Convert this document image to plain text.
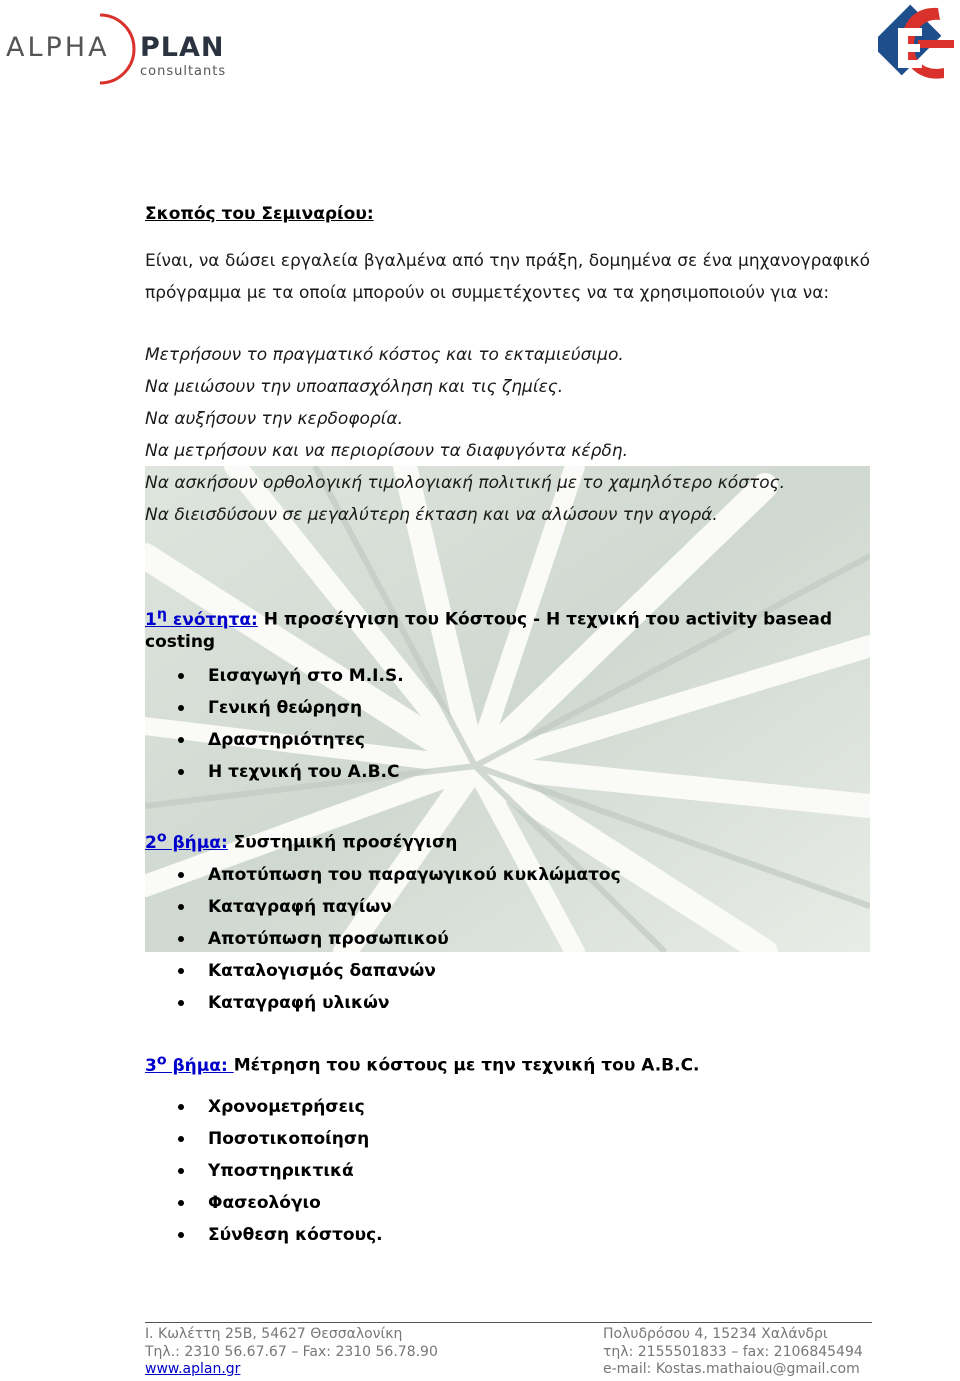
ALPHA PLAN
consultants
Σκοπός του Σεμιναρίου:
Είναι, να δώσει εργαλεία βγαλμένα από την πράξη, δομημένα σε ένα μηχανογραφικό πρόγραμμα με τα οποία μπορούν οι συμμετέχοντες να τα χρησιμοποιούν για να:
Μετρήσουν το πραγματικό κόστος και το εκταμιεύσιμο.
Να μειώσουν την υποαπασχόληση και τις ζημίες.
Να αυξήσουν την κερδοφορία.
Να μετρήσουν και να περιορίσουν τα διαφυγόντα κέρδη.
Να ασκήσουν ορθολογική τιμολογιακή πολιτική με το χαμηλότερο κόστος.
Να διεισδύσουν σε μεγαλύτερη έκταση και να αλώσουν την αγορά.
$1^\eta$ ενότητα: Η προσέγγιση του Κόστους - Η τεχνική του activity basead costing
Εισαγωγή στο M.I.S.
Γενική θεώρηση
Δραστηριότητες
Η τεχνική του A.B.C
$2^o$ βήμα: Συστημική προσέγγιση
Αποτύπωση του παραγωγικού κυκλώματος
Καταγραφή παγίων
Αποτύπωση προσωπικού
Καταλογισμός δαπανών
Καταγραφή υλικών
$3^o$ βήμα: Μέτρηση του κόστους με την τεχνική του A.B.C.
Χρονομετρήσεις
Ποσοτικοποίηση
Υποστηρικτικά
Φασεολόγιο
Σύνθεση κόστους.
Ι. Κωλέττη 25Β, 54627 Θεσσαλονίκη
Τηλ.: 2310 56.67.67 – Fax: 2310 56.78.90
www.aplan.gr
Πολυδρόσου 4, 15234 Χαλάνδρι
τηλ: 2155501833 – fax: 2106845494
e-mail: Kostas.mathaiou@gmail.com
